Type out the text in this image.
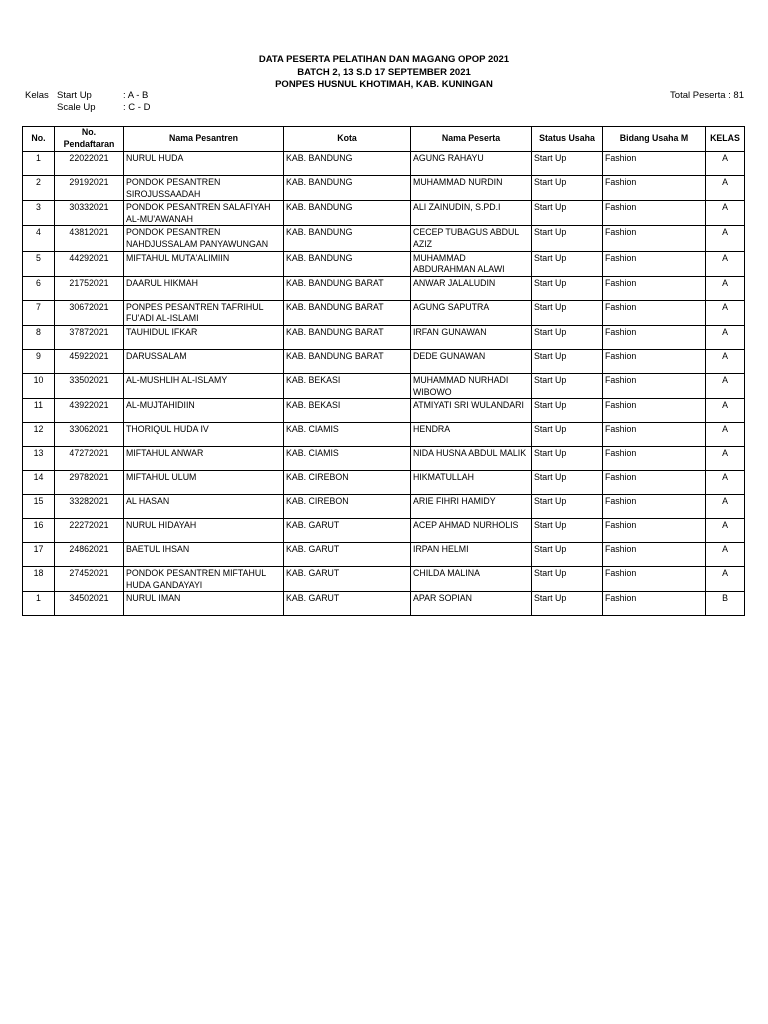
DATA PESERTA PELATIHAN DAN MAGANG OPOP 2021
BATCH 2, 13 S.D 17 SEPTEMBER 2021
PONPES HUSNUL KHOTIMAH, KAB. KUNINGAN
Kelas Start Up	: A - B
Scale Up	: C - D
Total Peserta : 81
No.	No. Pendaftaran	Nama Pesantren	Kota	Nama Peserta	Status Usaha	Bidang Usaha M	KELAS
1	22022021	NURUL HUDA	KAB. BANDUNG	AGUNG RAHAYU	Start Up	Fashion	A
2	29192021	PONDOK PESANTREN SIROJUSSAADAH	KAB. BANDUNG	MUHAMMAD NURDIN	Start Up	Fashion	A
3	30332021	PONDOK PESANTREN SALAFIYAH AL-MU'AWANAH	KAB. BANDUNG	ALI ZAINUDIN, S.PD.I	Start Up	Fashion	A
4	43812021	PONDOK PESANTREN NAHDJUSSALAM PANYAWUNGAN	KAB. BANDUNG	CECEP TUBAGUS ABDUL AZIZ	Start Up	Fashion	A
5	44292021	MIFTAHUL MUTA'ALIMIIN	KAB. BANDUNG	MUHAMMAD ABDURAHMAN ALAWI	Start Up	Fashion	A
6	21752021	DAARUL HIKMAH	KAB. BANDUNG BARAT	ANWAR JALALUDIN	Start Up	Fashion	A
7	30672021	PONPES PESANTREN TAFRIHUL FU'ADI AL-ISLAMI	KAB. BANDUNG BARAT	AGUNG SAPUTRA	Start Up	Fashion	A
8	37872021	TAUHIDUL IFKAR	KAB. BANDUNG BARAT	IRFAN GUNAWAN	Start Up	Fashion	A
9	45922021	DARUSSALAM	KAB. BANDUNG BARAT	DEDE GUNAWAN	Start Up	Fashion	A
10	33502021	AL-MUSHLIH AL-ISLAMY	KAB. BEKASI	MUHAMMAD NURHADI WIBOWO	Start Up	Fashion	A
11	43922021	AL-MUJTAHIDIIN	KAB. BEKASI	ATMIYATI SRI WULANDARI	Start Up	Fashion	A
12	33062021	THORIQUL HUDA IV	KAB. CIAMIS	HENDRA	Start Up	Fashion	A
13	47272021	MIFTAHUL ANWAR	KAB. CIAMIS	NIDA HUSNA ABDUL MALIK	Start Up	Fashion	A
14	29782021	MIFTAHUL ULUM	KAB. CIREBON	HIKMATULLAH	Start Up	Fashion	A
15	33282021	AL HASAN	KAB. CIREBON	ARIE FIHRI HAMIDY	Start Up	Fashion	A
16	22272021	NURUL HIDAYAH	KAB. GARUT	ACEP AHMAD NURHOLIS	Start Up	Fashion	A
17	24862021	BAETUL IHSAN	KAB. GARUT	IRPAN HELMI	Start Up	Fashion	A
18	27452021	PONDOK PESANTREN MIFTAHUL HUDA GANDAYAYI	KAB. GARUT	CHILDA MALINA	Start Up	Fashion	A
1	34502021	NURUL IMAN	KAB. GARUT	APAR SOPIAN	Start Up	Fashion	B
